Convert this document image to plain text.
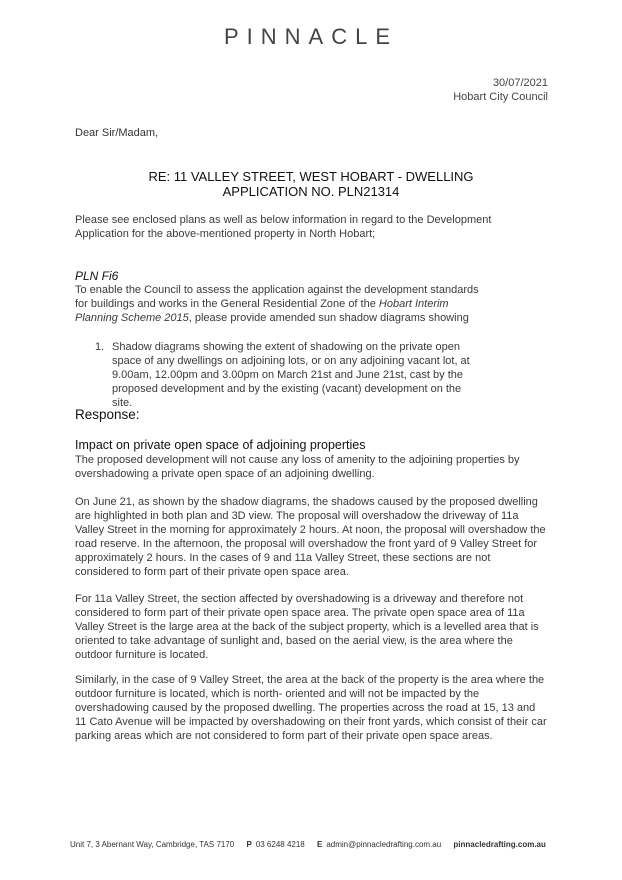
PINNACLE
30/07/2021
Hobart City Council
Dear Sir/Madam,
RE: 11 VALLEY STREET, WEST HOBART - DWELLING
APPLICATION NO. PLN21314
Please see enclosed plans as well as below information in regard to the Development Application for the above-mentioned property in North Hobart;
PLN Fi6
To enable the Council to assess the application against the development standards for buildings and works in the General Residential Zone of the Hobart Interim Planning Scheme 2015, please provide amended sun shadow diagrams showing
1. Shadow diagrams showing the extent of shadowing on the private open space of any dwellings on adjoining lots, or on any adjoining vacant lot, at 9.00am, 12.00pm and 3.00pm on March 21st and June 21st, cast by the proposed development and by the existing (vacant) development on the site.
Response:
Impact on private open space of adjoining properties
The proposed development will not cause any loss of amenity to the adjoining properties by overshadowing a private open space of an adjoining dwelling.
On June 21, as shown by the shadow diagrams, the shadows caused by the proposed dwelling are highlighted in both plan and 3D view. The proposal will overshadow the driveway of 11a Valley Street in the morning for approximately 2 hours. At noon, the proposal will overshadow the road reserve. In the afternoon, the proposal will overshadow the front yard of 9 Valley Street for approximately 2 hours. In the cases of 9 and 11a Valley Street, these sections are not considered to form part of their private open space area.
For 11a Valley Street, the section affected by overshadowing is a driveway and therefore not considered to form part of their private open space area. The private open space area of 11a Valley Street is the large area at the back of the subject property, which is a levelled area that is oriented to take advantage of sunlight and, based on the aerial view, is the area where the outdoor furniture is located.
Similarly, in the case of 9 Valley Street, the area at the back of the property is the area where the outdoor furniture is located, which is north- oriented and will not be impacted by the overshadowing caused by the proposed dwelling. The properties across the road at 15, 13 and 11 Cato Avenue will be impacted by overshadowing on their front yards, which consist of their car parking areas which are not considered to form part of their private open space areas.
Unit 7, 3 Abernant Way, Cambridge, TAS 7170 P 03 6248 4218 E admin@pinnacledrafting.com.au pinnacledrafting.com.au
